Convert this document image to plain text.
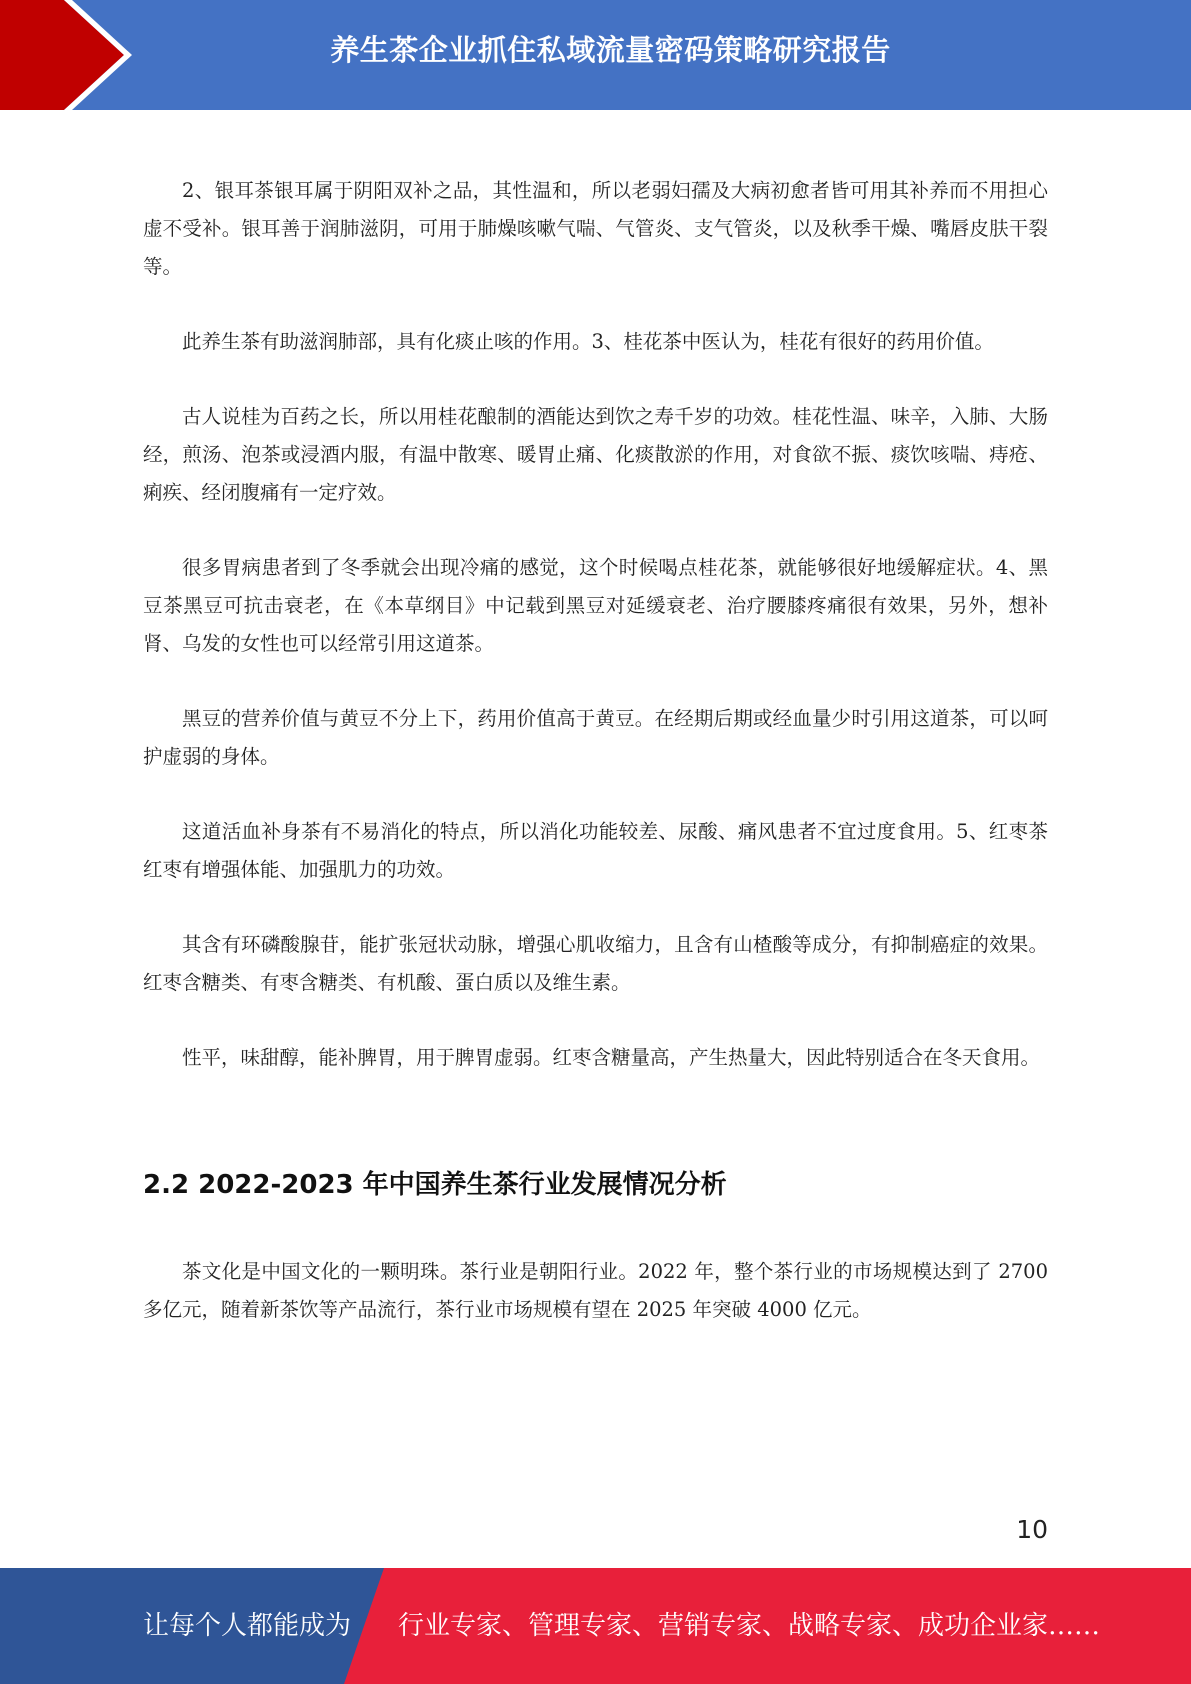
养生茶企业抓住私域流量密码策略研究报告

2、银耳茶银耳属于阴阳双补之品，其性温和，所以老弱妇孺及大病初愈者皆可用其补养而不用担心虚不受补。银耳善于润肺滋阴，可用于肺燥咳嗽气喘、气管炎、支气管炎，以及秋季干燥、嘴唇皮肤干裂等。

此养生茶有助滋润肺部，具有化痰止咳的作用。3、桂花茶中医认为，桂花有很好的药用价值。

古人说桂为百药之长，所以用桂花酿制的酒能达到饮之寿千岁的功效。桂花性温、味辛，入肺、大肠经，煎汤、泡茶或浸酒内服，有温中散寒、暖胃止痛、化痰散淤的作用，对食欲不振、痰饮咳喘、痔疮、痢疾、经闭腹痛有一定疗效。

很多胃病患者到了冬季就会出现冷痛的感觉，这个时候喝点桂花茶，就能够很好地缓解症状。4、黑豆茶黑豆可抗击衰老，在《本草纲目》中记载到黑豆对延缓衰老、治疗腰膝疼痛很有效果，另外，想补肾、乌发的女性也可以经常引用这道茶。

黑豆的营养价值与黄豆不分上下，药用价值高于黄豆。在经期后期或经血量少时引用这道茶，可以呵护虚弱的身体。

这道活血补身茶有不易消化的特点，所以消化功能较差、尿酸、痛风患者不宜过度食用。5、红枣茶红枣有增强体能、加强肌力的功效。

其含有环磷酸腺苷，能扩张冠状动脉，增强心肌收缩力，且含有山楂酸等成分，有抑制癌症的效果。红枣含糖类、有枣含糖类、有机酸、蛋白质以及维生素。

性平，味甜醇，能补脾胃，用于脾胃虚弱。红枣含糖量高，产生热量大，因此特别适合在冬天食用。

2.2 2022-2023 年中国养生茶行业发展情况分析

茶文化是中国文化的一颗明珠。茶行业是朝阳行业。2022 年，整个茶行业的市场规模达到了 2700 多亿元，随着新茶饮等产品流行，茶行业市场规模有望在 2025 年突破 4000 亿元。

10
让每个人都能成为 行业专家、管理专家、营销专家、战略专家、成功企业家……
